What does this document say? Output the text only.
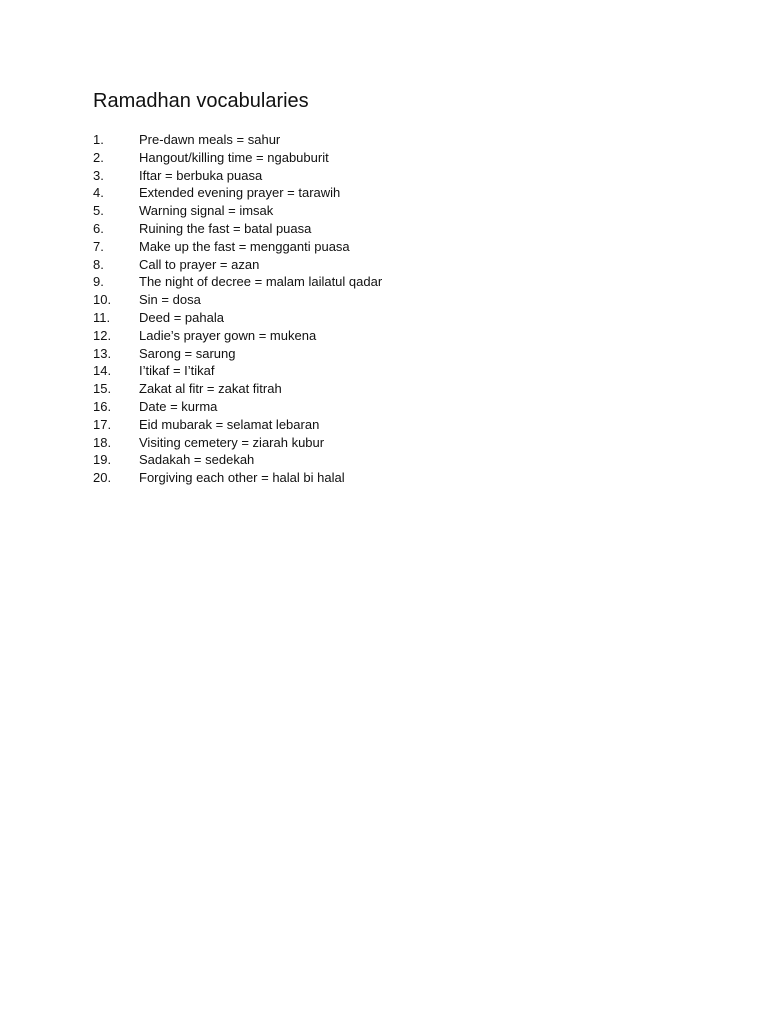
Ramadhan vocabularies
1.	Pre-dawn meals = sahur
2.	Hangout/killing time = ngabuburit
3.	Iftar = berbuka puasa
4.	Extended evening prayer = tarawih
5.	Warning signal = imsak
6.	Ruining the fast = batal puasa
7.	Make up the fast = mengganti puasa
8.	Call to prayer = azan
9.	The night of decree = malam lailatul qadar
10.	Sin = dosa
11.	Deed = pahala
12.	Ladie’s prayer gown = mukena
13.	Sarong = sarung
14.	I’tikaf = I’tikaf
15.	Zakat al fitr = zakat fitrah
16.	Date = kurma
17.	Eid mubarak = selamat lebaran
18.	Visiting cemetery = ziarah kubur
19.	Sadakah = sedekah
20.	Forgiving each other = halal bi halal
